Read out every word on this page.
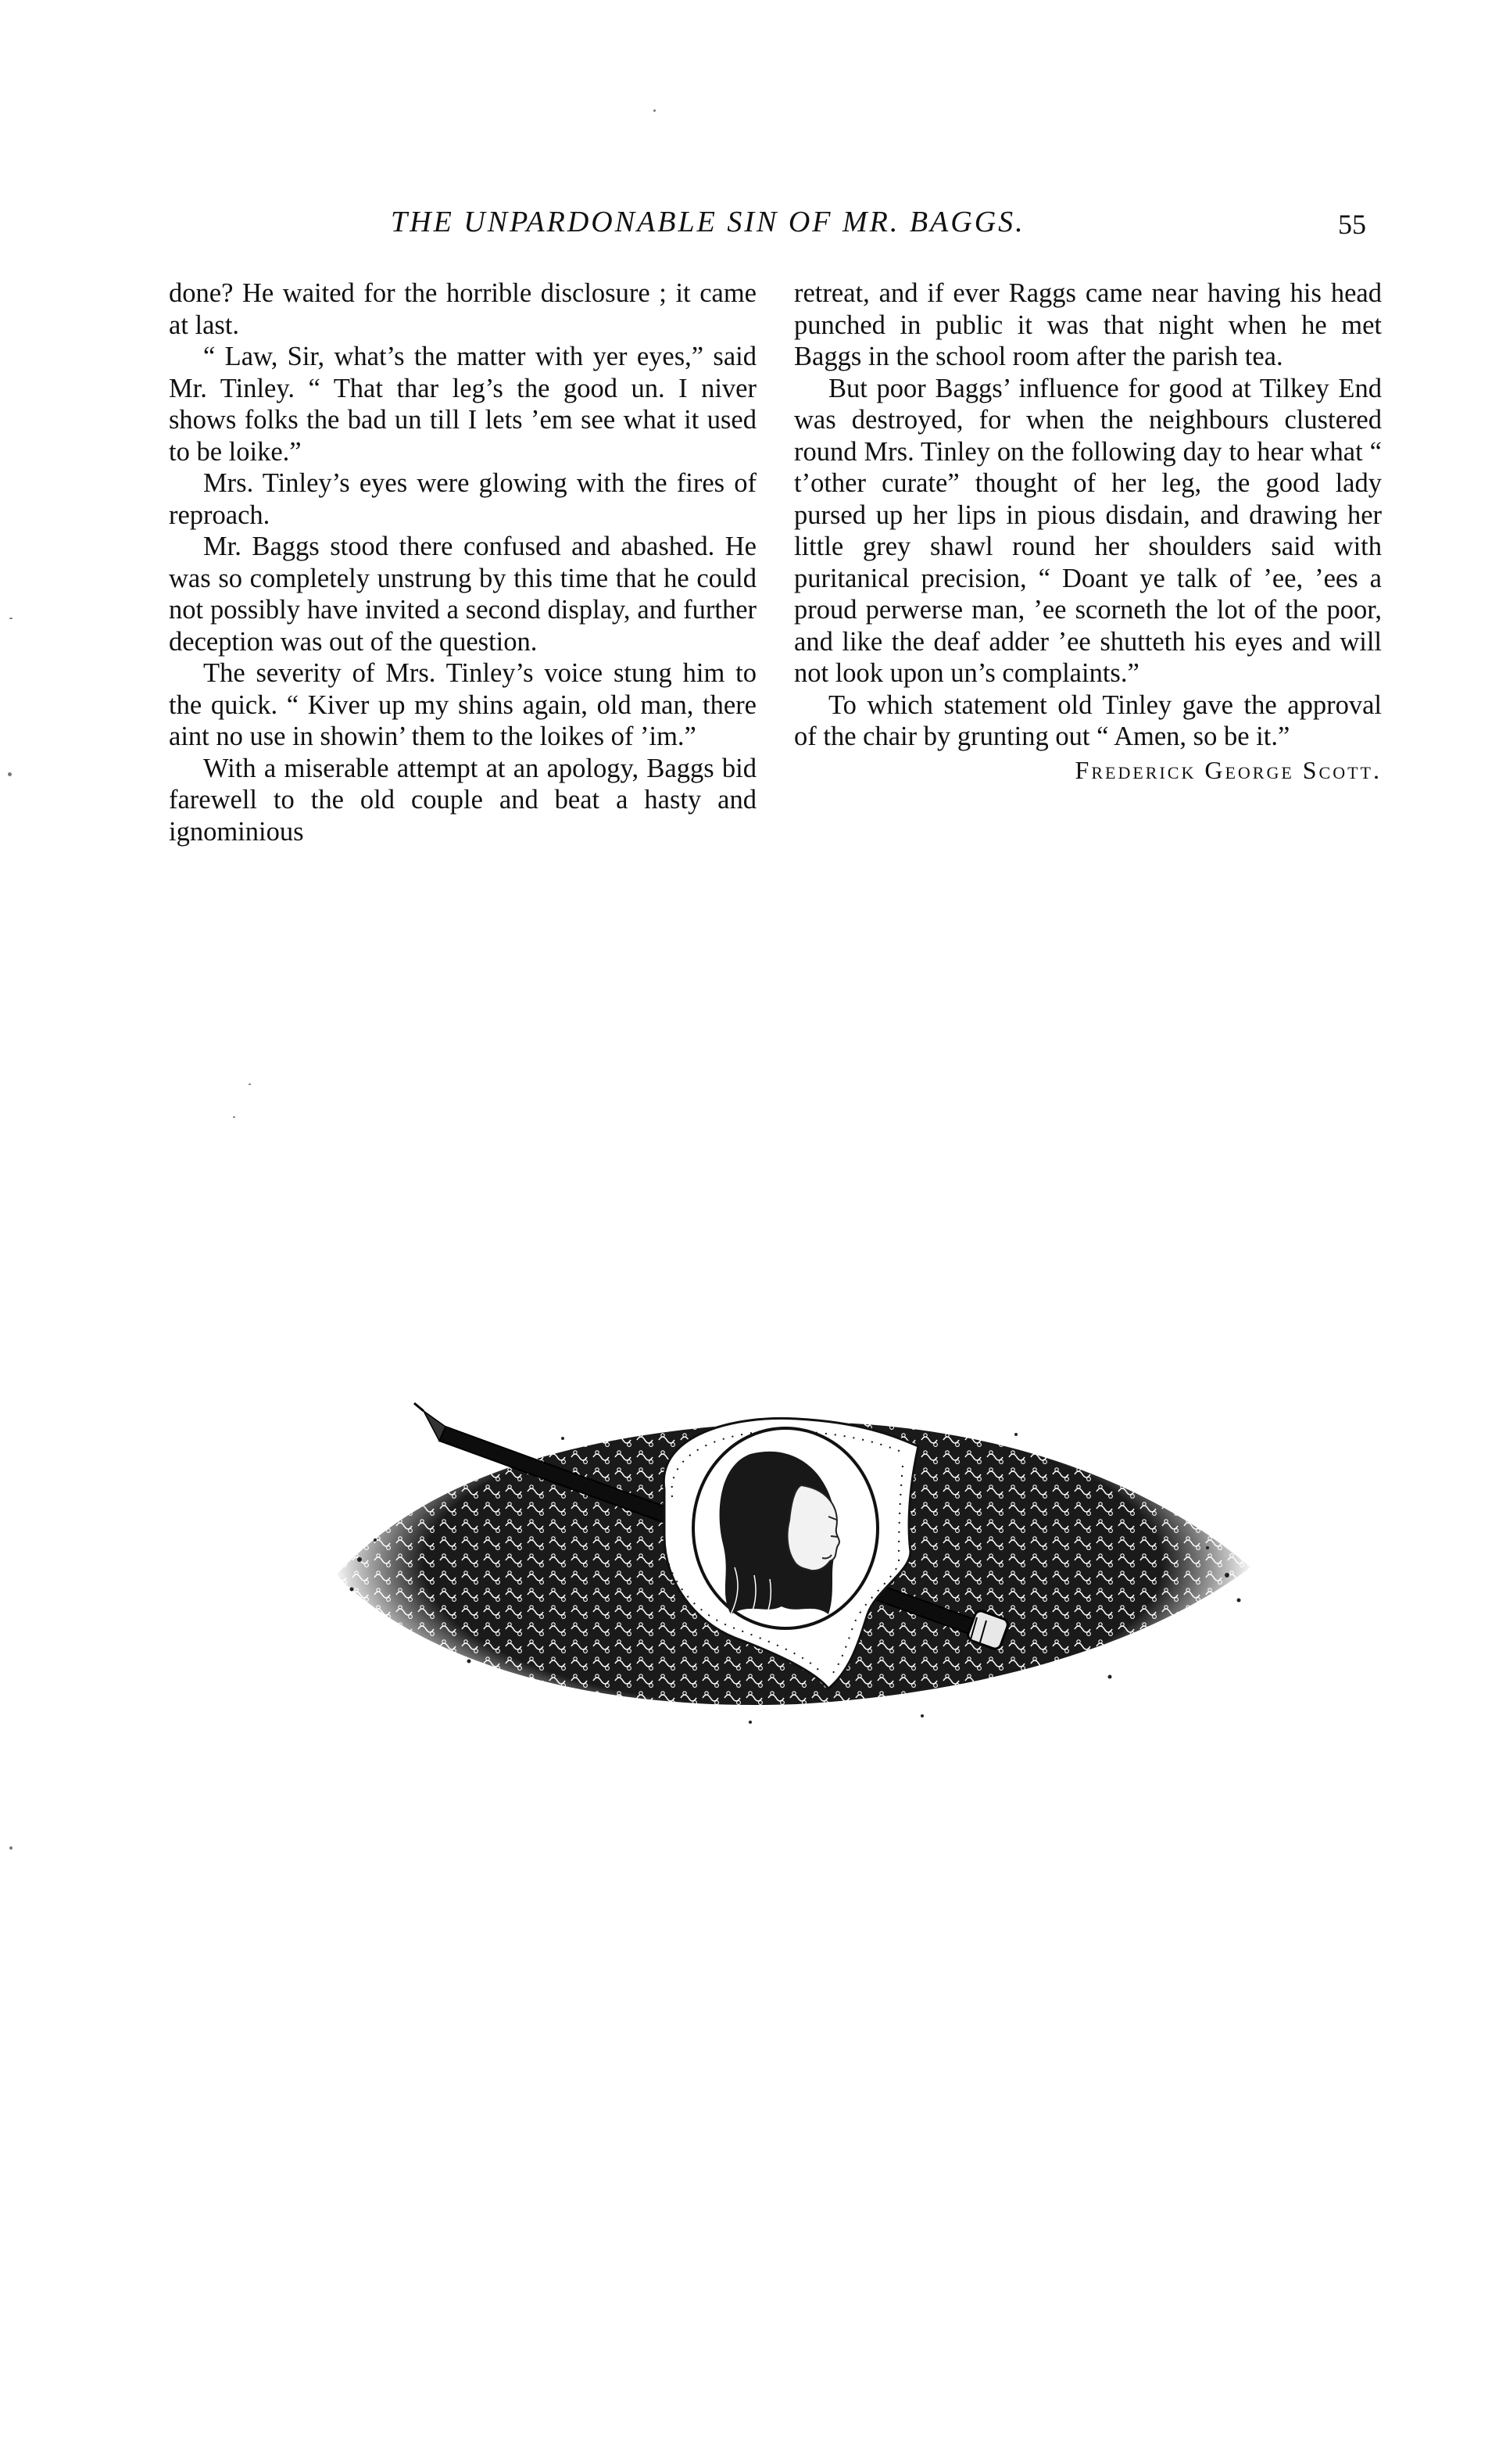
THE UNPARDONABLE SIN OF MR. BAGGS.	55

done? He waited for the horrible disclosure ; it came at last.

“ Law, Sir, what’s the matter with yer eyes,” said Mr. Tinley. “ That thar leg’s the good un. I niver shows folks the bad un till I lets ’em see what it used to be loike.”

Mrs. Tinley’s eyes were glowing with the fires of reproach.

Mr. Baggs stood there confused and abashed. He was so completely unstrung by this time that he could not possibly have invited a second display, and further deception was out of the question.

The severity of Mrs. Tinley’s voice stung him to the quick. “ Kiver up my shins again, old man, there aint no use in showin’ them to the loikes of ’im.”

With a miserable attempt at an apology, Baggs bid farewell to the old couple and beat a hasty and ignominious

retreat, and if ever Raggs came near having his head punched in public it was that night when he met Baggs in the school room after the parish tea.

But poor Baggs’ influence for good at Tilkey End was destroyed, for when the neighbours clustered round Mrs. Tinley on the following day to hear what “ t’other curate” thought of her leg, the good lady pursed up her lips in pious disdain, and drawing her little grey shawl round her shoulders said with puritanical precision, “ Doant ye talk of ’ee, ’ees a proud perwerse man, ’ee scorneth the lot of the poor, and like the deaf adder ’ee shutteth his eyes and will not look upon un’s complaints.”

To which statement old Tinley gave the approval of the chair by grunting out “ Amen, so be it.”

Frederick George Scott.
